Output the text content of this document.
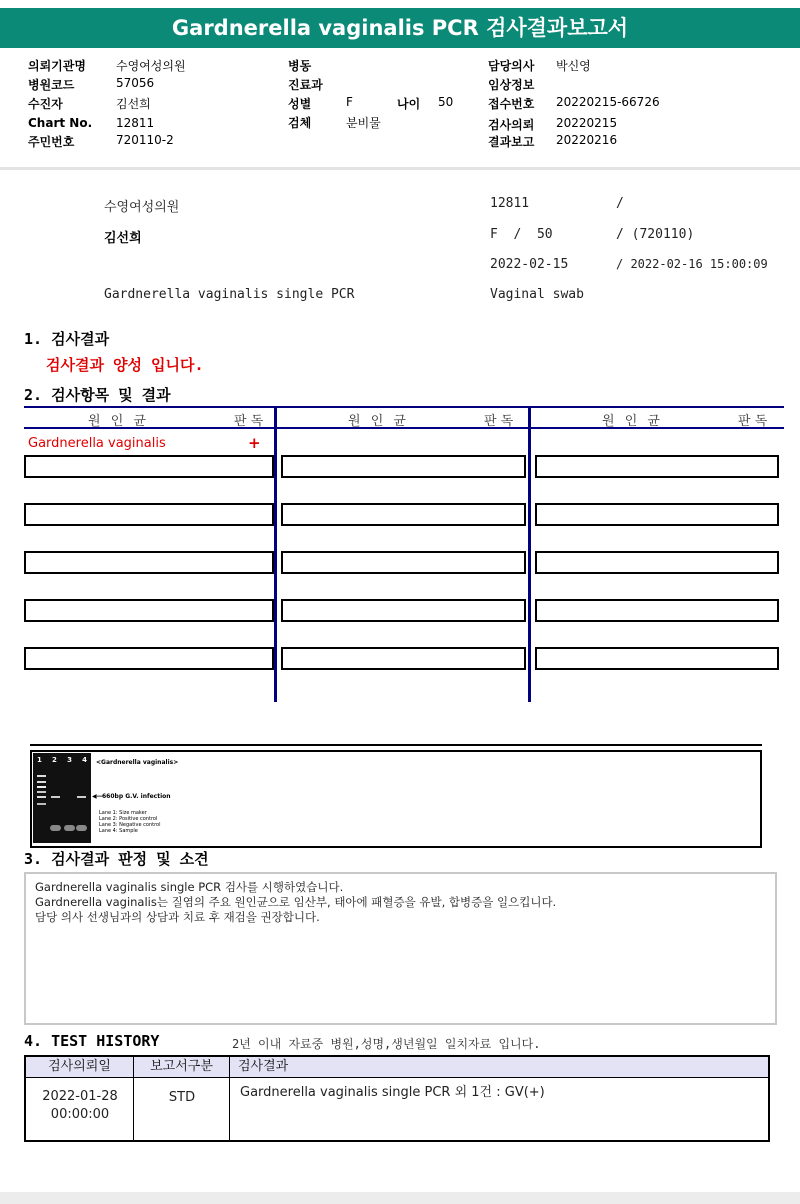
Gardnerella vaginalis PCR 검사결과보고서
의뢰기관명	수영여성의원
병원코드	57056
수진자	김선희
Chart No. 12811
주민번호	720110-2
병동
진료과
성별	F	나이 50
검체	분비물
담당의사 박신영
임상정보
접수번호 20220215-66726
검사의뢰 20220215
결과보고 20220216
수영여성의원	12811	/
김선희	F  /  50	/ (720110)
2022-02-15	/ 2022-02-16 15:00:09
Gardnerella vaginalis single PCR	Vaginal swab
1. 검사결과
검사결과 양성 입니다.
2. 검사항목 및 결과
원 인 균	판 독	원 인 균	판 독	원 인 균	판 독
Gardnerella vaginalis	+
1 2 3 4 <Gardnerella vaginalis>
◀— 660bp G.V. infection
Lane 1: Size maker
Lane 2: Positive control
Lane 3: Negative control
Lane 4: Sample
3. 검사결과 판정 및 소견
Gardnerella vaginalis single PCR 검사를 시행하였습니다.
Gardnerella vaginalis는 질염의 주요 원인균으로 임산부, 태아에 패혈증을 유발, 합병증을 일으킵니다.
담당 의사 선생님과의 상담과 치료 후 재검을 권장합니다.
4. TEST HISTORY	2년 이내 자료중 병원,성명,생년월일 일치자료 입니다.
검사의뢰일	보고서구분	검사결과
2022-01-28
00:00:00
STD	Gardnerella vaginalis single PCR 외 1건 : GV(+)
